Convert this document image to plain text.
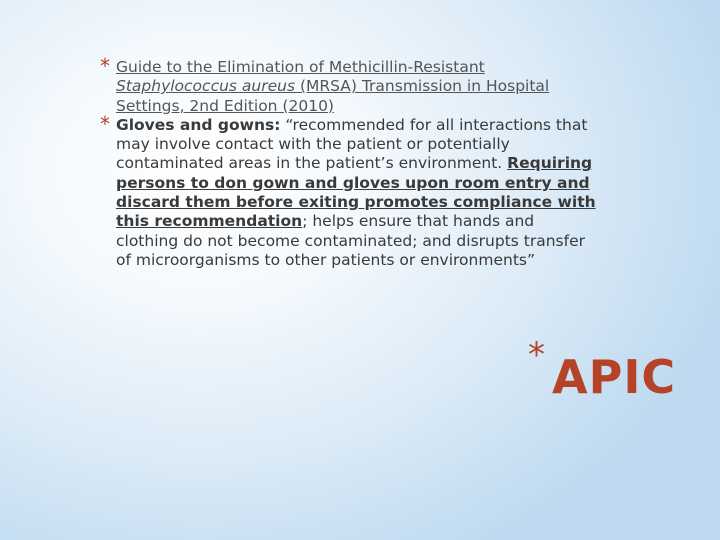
* Guide to the Elimination of Methicillin-Resistant Staphylococcus aureus (MRSA) Transmission in Hospital Settings, 2nd Edition (2010)
* Gloves and gowns: “recommended for all interactions that may involve contact with the patient or potentially contaminated areas in the patient’s environment. Requiring persons to don gown and gloves upon room entry and discard them before exiting promotes compliance with this recommendation; helps ensure that hands and clothing do not become contaminated; and disrupts transfer of microorganisms to other patients or environments”
* APIC
